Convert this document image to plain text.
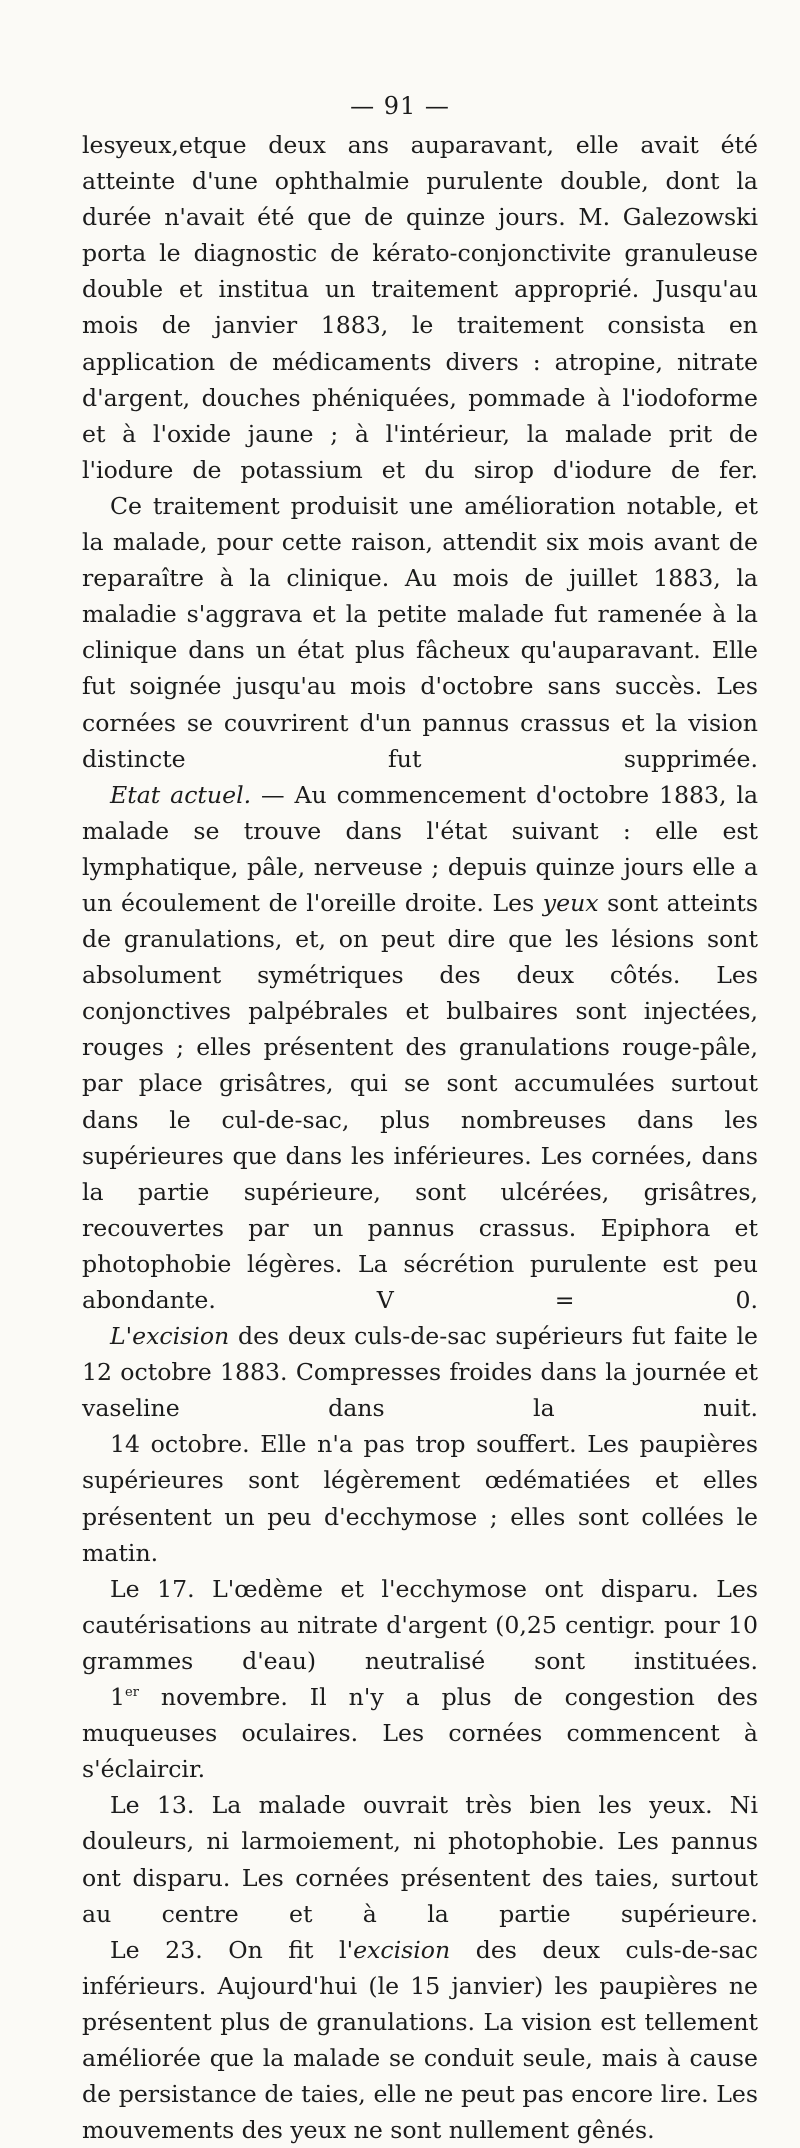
— 91 —

lesyeux,etque deux ans auparavant, elle avait été atteinte d'une ophthalmie purulente double, dont la durée n'avait été que de quinze jours. M. Galezowski porta le diagnostic de kérato-conjonctivite granuleuse double et institua un traitement approprié. Jusqu'au mois de janvier 1883, le traitement consista en application de médicaments divers : atropine, nitrate d'argent, douches phéniquées, pommade à l'iodoforme et à l'oxide jaune ; à l'intérieur, la malade prit de l'iodure de potassium et du sirop d'iodure de fer.

Ce traitement produisit une amélioration notable, et la malade, pour cette raison, attendit six mois avant de reparaître à la clinique. Au mois de juillet 1883, la maladie s'aggrava et la petite malade fut ramenée à la clinique dans un état plus fâcheux qu'auparavant. Elle fut soignée jusqu'au mois d'octobre sans succès. Les cornées se couvrirent d'un pannus crassus et la vision distincte fut supprimée.

Etat actuel. — Au commencement d'octobre 1883, la malade se trouve dans l'état suivant : elle est lymphatique, pâle, nerveuse ; depuis quinze jours elle a un écoulement de l'oreille droite. Les yeux sont atteints de granulations, et, on peut dire que les lésions sont absolument symétriques des deux côtés. Les conjonctives palpébrales et bulbaires sont injectées, rouges ; elles présentent des granulations rouge-pâle, par place grisâtres, qui se sont accumulées surtout dans le cul-de-sac, plus nombreuses dans les supérieures que dans les inférieures. Les cornées, dans la partie supérieure, sont ulcérées, grisâtres, recouvertes par un pannus crassus. Epiphora et photophobie légères. La sécrétion purulente est peu abondante. V = 0.

L'excision des deux culs-de-sac supérieurs fut faite le 12 octobre 1883. Compresses froides dans la journée et vaseline dans la nuit.

14 octobre. Elle n'a pas trop souffert. Les paupières supérieures sont légèrement œdématiées et elles présentent un peu d'ecchymose ; elles sont collées le matin.

Le 17. L'œdème et l'ecchymose ont disparu. Les cautérisations au nitrate d'argent (0,25 centigr. pour 10 grammes d'eau) neutralisé sont instituées.

1er novembre. Il n'y a plus de congestion des muqueuses oculaires. Les cornées commencent à s'éclaircir.

Le 13. La malade ouvrait très bien les yeux. Ni douleurs, ni larmoiement, ni photophobie. Les pannus ont disparu. Les cornées présentent des taies, surtout au centre et à la partie supérieure.

Le 23. On fit l'excision des deux culs-de-sac inférieurs. Aujourd'hui (le 15 janvier) les paupières ne présentent plus de granulations. La vision est tellement améliorée que la malade se conduit seule, mais à cause de persistance de taies, elle ne peut pas encore lire. Les mouvements des yeux ne sont nullement gênés.
